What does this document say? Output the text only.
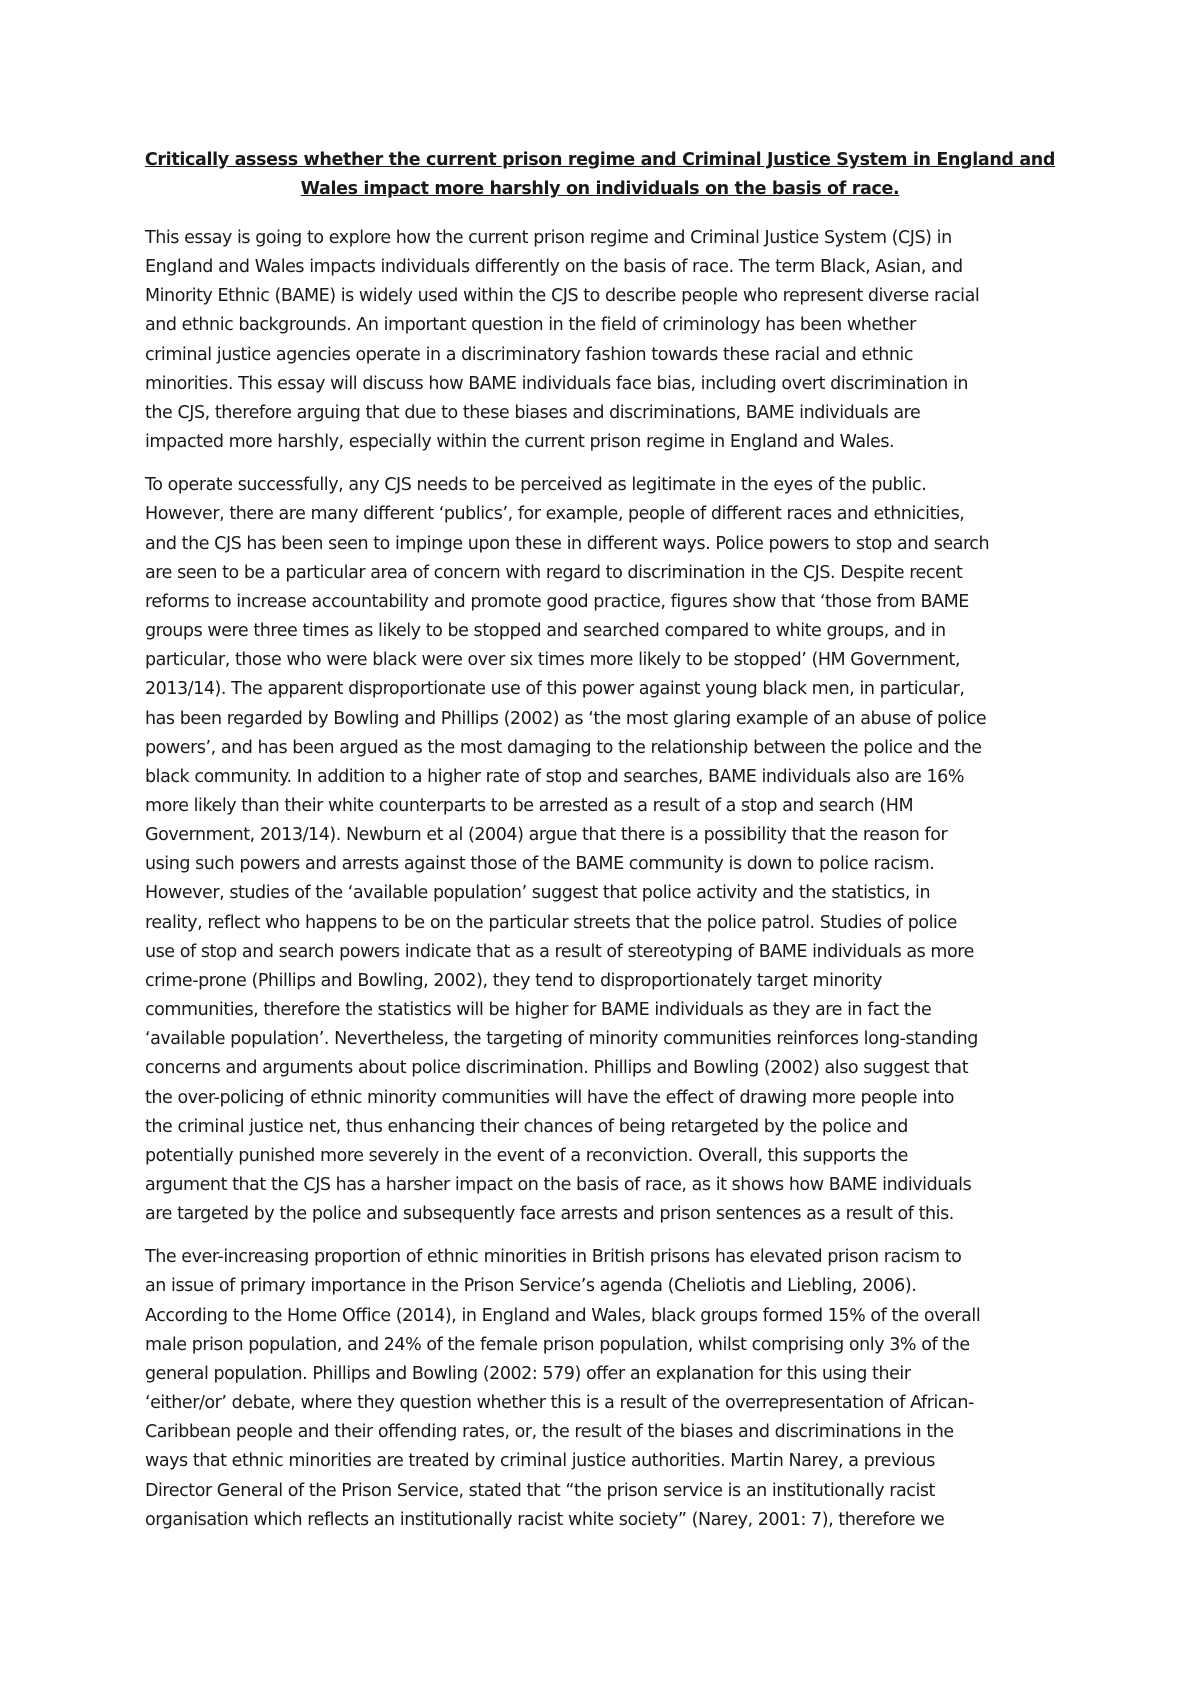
Critically assess whether the current prison regime and Criminal Justice System in England and
Wales impact more harshly on individuals on the basis of race.

This essay is going to explore how the current prison regime and Criminal Justice System (CJS) in
England and Wales impacts individuals differently on the basis of race. The term Black, Asian, and
Minority Ethnic (BAME) is widely used within the CJS to describe people who represent diverse racial
and ethnic backgrounds. An important question in the field of criminology has been whether
criminal justice agencies operate in a discriminatory fashion towards these racial and ethnic
minorities. This essay will discuss how BAME individuals face bias, including overt discrimination in
the CJS, therefore arguing that due to these biases and discriminations, BAME individuals are
impacted more harshly, especially within the current prison regime in England and Wales.

To operate successfully, any CJS needs to be perceived as legitimate in the eyes of the public.
However, there are many different ‘publics’, for example, people of different races and ethnicities,
and the CJS has been seen to impinge upon these in different ways. Police powers to stop and search
are seen to be a particular area of concern with regard to discrimination in the CJS. Despite recent
reforms to increase accountability and promote good practice, figures show that ‘those from BAME
groups were three times as likely to be stopped and searched compared to white groups, and in
particular, those who were black were over six times more likely to be stopped’ (HM Government,
2013/14). The apparent disproportionate use of this power against young black men, in particular,
has been regarded by Bowling and Phillips (2002) as ‘the most glaring example of an abuse of police
powers’, and has been argued as the most damaging to the relationship between the police and the
black community. In addition to a higher rate of stop and searches, BAME individuals also are 16%
more likely than their white counterparts to be arrested as a result of a stop and search (HM
Government, 2013/14). Newburn et al (2004) argue that there is a possibility that the reason for
using such powers and arrests against those of the BAME community is down to police racism.
However, studies of the ‘available population’ suggest that police activity and the statistics, in
reality, reflect who happens to be on the particular streets that the police patrol. Studies of police
use of stop and search powers indicate that as a result of stereotyping of BAME individuals as more
crime-prone (Phillips and Bowling, 2002), they tend to disproportionately target minority
communities, therefore the statistics will be higher for BAME individuals as they are in fact the
‘available population’. Nevertheless, the targeting of minority communities reinforces long-standing
concerns and arguments about police discrimination. Phillips and Bowling (2002) also suggest that
the over-policing of ethnic minority communities will have the effect of drawing more people into
the criminal justice net, thus enhancing their chances of being retargeted by the police and
potentially punished more severely in the event of a reconviction. Overall, this supports the
argument that the CJS has a harsher impact on the basis of race, as it shows how BAME individuals
are targeted by the police and subsequently face arrests and prison sentences as a result of this.

The ever-increasing proportion of ethnic minorities in British prisons has elevated prison racism to
an issue of primary importance in the Prison Service’s agenda (Cheliotis and Liebling, 2006).
According to the Home Office (2014), in England and Wales, black groups formed 15% of the overall
male prison population, and 24% of the female prison population, whilst comprising only 3% of the
general population. Phillips and Bowling (2002: 579) offer an explanation for this using their
‘either/or’ debate, where they question whether this is a result of the overrepresentation of African-
Caribbean people and their offending rates, or, the result of the biases and discriminations in the
ways that ethnic minorities are treated by criminal justice authorities. Martin Narey, a previous
Director General of the Prison Service, stated that “the prison service is an institutionally racist
organisation which reflects an institutionally racist white society” (Narey, 2001: 7), therefore we
